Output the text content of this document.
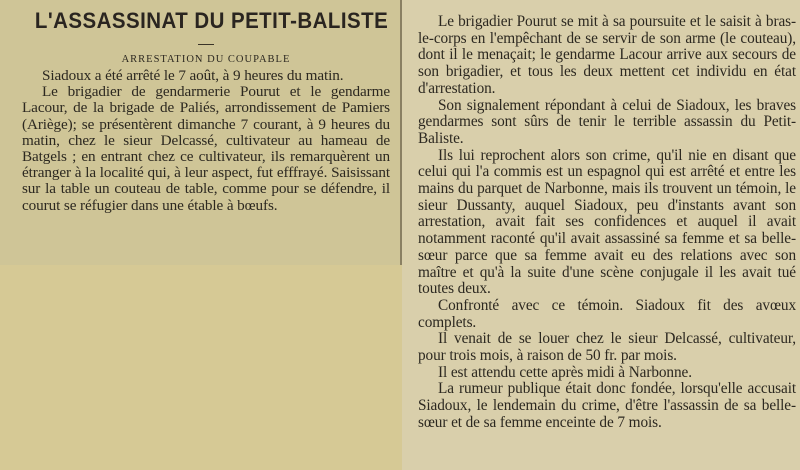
L'ASSASSINAT DU PETIT-BALISTE
ARRESTATION DU COUPABLE

Siadoux a été arrêté le 7 août, à 9 heures du matin.

Le brigadier de gendarmerie Pourut et le gendarme Lacour, de la brigade de Paliés, arrondissement de Pamiers (Ariège); se présentèrent dimanche 7 courant, à 9 heures du matin, chez le sieur Delcassé, cultivateur au hameau de Batgels ; en entrant chez ce cultivateur, ils remarquèrent un étranger à la localité qui, à leur aspect, fut efffrayé. Saisissant sur la table un couteau de table, comme pour se défendre, il courut se réfugier dans une étable à bœufs.

Le brigadier Pourut se mit à sa poursuite et le saisit à bras-le-corps en l'empêchant de se servir de son arme (le couteau), dont il le menaçait; le gendarme Lacour arrive aux secours de son brigadier, et tous les deux mettent cet individu en état d'arrestation.

Son signalement répondant à celui de Siadoux, les braves gendarmes sont sûrs de tenir le terrible assassin du Petit-Baliste.

Ils lui reprochent alors son crime, qu'il nie en disant que celui qui l'a commis est un espagnol qui est arrêté et entre les mains du parquet de Narbonne, mais ils trouvent un témoin, le sieur Dussanty, auquel Siadoux, peu d'instants avant son arrestation, avait fait ses confidences et auquel il avait notamment raconté qu'il avait assassiné sa femme et sa belle-sœur parce que sa femme avait eu des relations avec son maître et qu'à la suite d'une scène conjugale il les avait tué toutes deux.

Confronté avec ce témoin. Siadoux fit des avœux complets.

Il venait de se louer chez le sieur Delcassé, cultivateur, pour trois mois, à raison de 50 fr. par mois.

Il est attendu cette après midi à Narbonne.

La rumeur publique était donc fondée, lorsqu'elle accusait Siadoux, le lendemain du crime, d'être l'assassin de sa belle-sœur et de sa femme enceinte de 7 mois.
